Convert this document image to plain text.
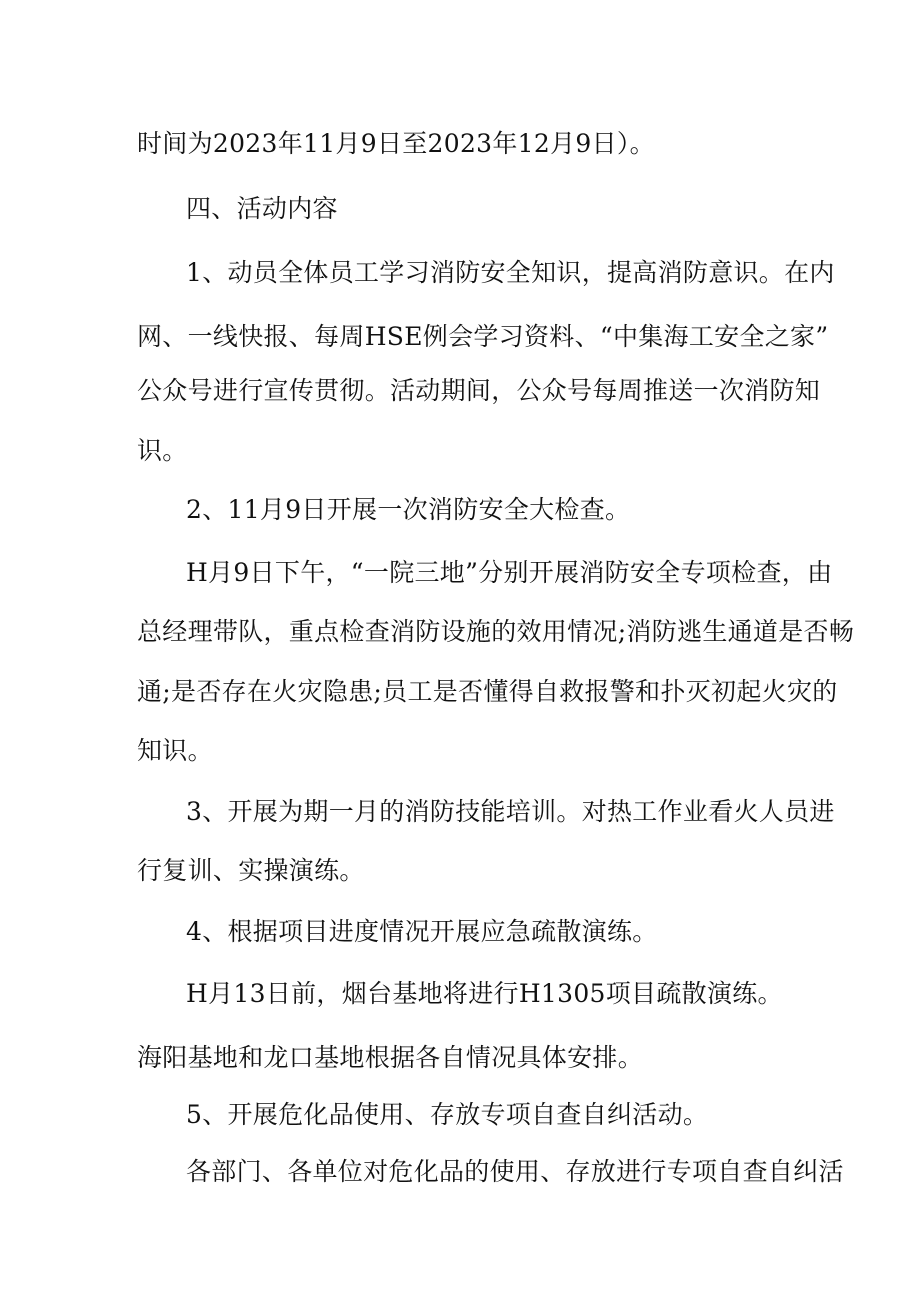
时间为2023年11月9日至2023年12月9日）。
四、活动内容
1、动员全体员工学习消防安全知识，提高消防意识。在内
网、一线快报、每周HSE例会学习资料、“中集海工安全之家”
公众号进行宣传贯彻。活动期间，公众号每周推送一次消防知
识。
2、11月9日开展一次消防安全大检查。
H月9日下午，“一院三地”分别开展消防安全专项检查，由
总经理带队，重点检查消防设施的效用情况;消防逃生通道是否畅
通;是否存在火灾隐患;员工是否懂得自救报警和扑灭初起火灾的
知识。
3、开展为期一月的消防技能培训。对热工作业看火人员进
行复训、实操演练。
4、根据项目进度情况开展应急疏散演练。
H月13日前，烟台基地将进行H1305项目疏散演练。
海阳基地和龙口基地根据各自情况具体安排。
5、开展危化品使用、存放专项自查自纠活动。
各部门、各单位对危化品的使用、存放进行专项自查自纠活
